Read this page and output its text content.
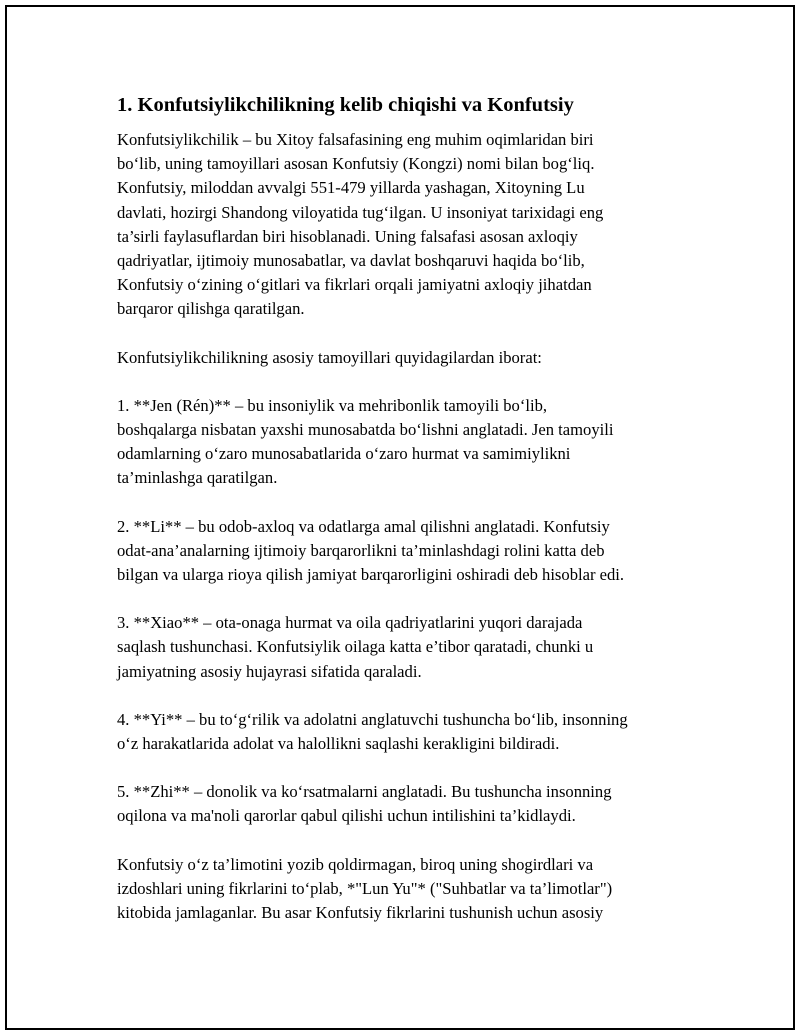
1. Konfutsiylikchilikning kelib chiqishi va Konfutsiy

Konfutsiylikchilik – bu Xitoy falsafasining eng muhim oqimlaridan biri
bo‘lib, uning tamoyillari asosan Konfutsiy (Kongzi) nomi bilan bog‘liq.
Konfutsiy, miloddan avvalgi 551-479 yillarda yashagan, Xitoyning Lu
davlati, hozirgi Shandong viloyatida tug‘ilgan. U insoniyat tarixidagi eng
ta’sirli faylasuflardan biri hisoblanadi. Uning falsafasi asosan axloqiy
qadriyatlar, ijtimoiy munosabatlar, va davlat boshqaruvi haqida bo‘lib,
Konfutsiy o‘zining o‘gitlari va fikrlari orqali jamiyatni axloqiy jihatdan
barqaror qilishga qaratilgan.

Konfutsiylikchilikning asosiy tamoyillari quyidagilardan iborat:

1. **Jen (Rén)** – bu insoniylik va mehribonlik tamoyili bo‘lib,
boshqalarga nisbatan yaxshi munosabatda bo‘lishni anglatadi. Jen tamoyili
odamlarning o‘zaro munosabatlarida o‘zaro hurmat va samimiylikni
ta’minlashga qaratilgan.

2. **Li** – bu odob-axloq va odatlarga amal qilishni anglatadi. Konfutsiy
odat-ana’analarning ijtimoiy barqarorlikni ta’minlashdagi rolini katta deb
bilgan va ularga rioya qilish jamiyat barqarorligini oshiradi deb hisoblar edi.

3. **Xiao** – ota-onaga hurmat va oila qadriyatlarini yuqori darajada
saqlash tushunchasi. Konfutsiylik oilaga katta e’tibor qaratadi, chunki u
jamiyatning asosiy hujayrasi sifatida qaraladi.

4. **Yi** – bu to‘g‘rilik va adolatni anglatuvchi tushuncha bo‘lib, insonning
o‘z harakatlarida adolat va halollikni saqlashi kerakligini bildiradi.

5. **Zhi** – donolik va ko‘rsatmalarni anglatadi. Bu tushuncha insonning
oqilona va ma'noli qarorlar qabul qilishi uchun intilishini ta’kidlaydi.

Konfutsiy o‘z ta’limotini yozib qoldirmagan, biroq uning shogirdlari va
izdoshlari uning fikrlarini to‘plab, *"Lun Yu"* ("Suhbatlar va ta’limotlar")
kitobida jamlaganlar. Bu asar Konfutsiy fikrlarini tushunish uchun asosiy
